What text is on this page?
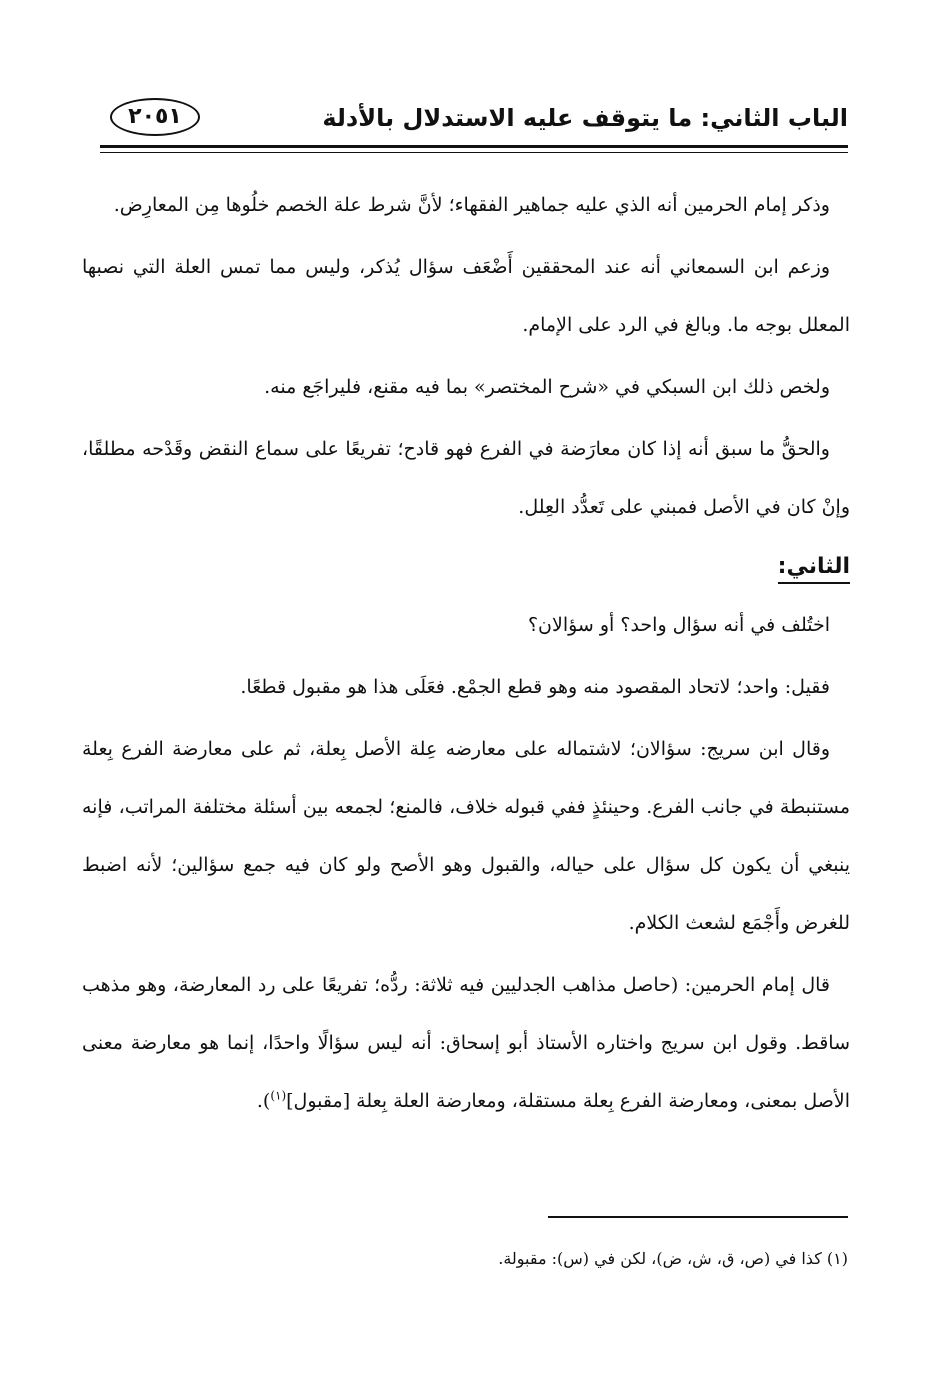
الباب الثاني: ما يتوقف عليه الاستدلال بالأدلة
٢٠٥١

وذكر إمام الحرمين أنه الذي عليه جماهير الفقهاء؛ لأنَّ شرط علة الخصم خلُوها مِن المعارِض.

وزعم ابن السمعاني أنه عند المحققين أَضْعَف سؤال يُذكر، وليس مما تمس العلة التي نصبها المعلل بوجه ما. وبالغ في الرد على الإمام.

ولخص ذلك ابن السبكي في «شرح المختصر» بما فيه مقنع، فليراجَع منه.

والحقُّ ما سبق أنه إذا كان معارَضة في الفرع فهو قادح؛ تفريعًا على سماع النقض وقَدْحه مطلقًا، وإنْ كان في الأصل فمبني على تَعدُّد العِلل.

الثاني:

اختُلف في أنه سؤال واحد؟ أو سؤالان؟

فقيل: واحد؛ لاتحاد المقصود منه وهو قطع الجمْع. فعَلَى هذا هو مقبول قطعًا.

وقال ابن سريج: سؤالان؛ لاشتماله على معارضه عِلة الأصل بِعلة، ثم على معارضة الفرع بِعلة مستنبطة في جانب الفرع. وحينئذٍ ففي قبوله خلاف، فالمنع؛ لجمعه بين أسئلة مختلفة المراتب، فإنه ينبغي أن يكون كل سؤال على حياله، والقبول وهو الأصح ولو كان فيه جمع سؤالين؛ لأنه اضبط للغرض وأَجْمَع لشعث الكلام.

قال إمام الحرمين: (حاصل مذاهب الجدليين فيه ثلاثة: ردُّه؛ تفريعًا على رد المعارضة، وهو مذهب ساقط. وقول ابن سريج واختاره الأستاذ أبو إسحاق: أنه ليس سؤالًا واحدًا، إنما هو معارضة معنى الأصل بمعنى، ومعارضة الفرع بِعلة مستقلة، ومعارضة العلة بِعلة [مقبول]$^{(١)}$).

(١) كذا في (ص، ق، ش، ض)، لكن في (س): مقبولة.
